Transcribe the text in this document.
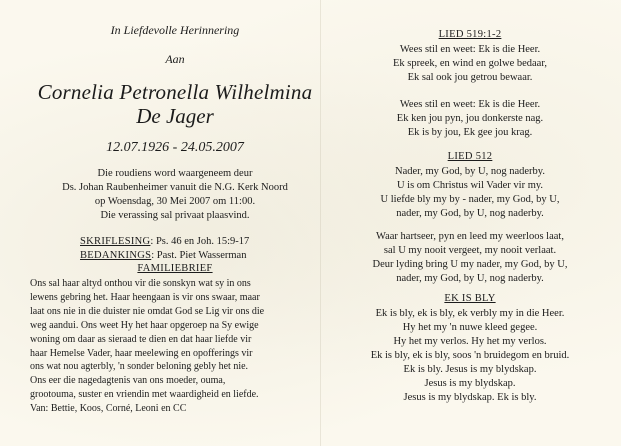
In Liefdevolle Herinnering
Aan
Cornelia Petronella Wilhelmina
De Jager
12.07.1926 - 24.05.2007
Die roudiens word waargeneem deur
Ds. Johan Raubenheimer vanuit die N.G. Kerk Noord
op Woensdag, 30 Mei 2007 om 11:00.
Die verassing sal privaat plaasvind.
SKRIFLESING: Ps. 46 en Joh. 15:9-17
BEDANKINGS: Past. Piet Wasserman
FAMILIEBRIEF
Ons sal haar altyd onthou vir die sonskyn wat sy in ons
lewens gebring het. Haar heengaan is vir ons swaar, maar
laat ons nie in die duister nie omdat God se Lig vir ons die
weg aandui. Ons weet Hy het haar opgeroep na Sy ewige
woning om daar as sieraad te dien en dat haar liefde vir
haar Hemelse Vader, haar meelewing en opofferings vir
ons wat nou agterbly, 'n sonder beloning gebly het nie.
Ons eer die nagedagtenis van ons moeder, ouma,
grootouma, suster en vriendin met waardigheid en liefde.
Van: Bettie, Koos, Corné, Leoni en CC
LIED 519:1-2
Wees stil en weet: Ek is die Heer.
Ek spreek, en wind en golwe bedaar,
Ek sal ook jou getrou bewaar.
Wees stil en weet: Ek is die Heer.
Ek ken jou pyn, jou donkerste nag.
Ek is by jou, Ek gee jou krag.
LIED 512
Nader, my God, by U, nog naderby.
U is om Christus wil Vader vir my.
U liefde bly my by - nader, my God, by U,
nader, my God, by U, nog naderby.
Waar hartseer, pyn en leed my weerloos laat,
sal U my nooit vergeet, my nooit verlaat.
Deur lyding bring U my nader, my God, by U,
nader, my God, by U, nog naderby.
EK IS BLY
Ek is bly, ek is bly, ek verbly my in die Heer.
Hy het my 'n nuwe kleed gegee.
Hy het my verlos. Hy het my verlos.
Ek is bly, ek is bly, soos 'n bruidegom en bruid.
Ek is bly. Jesus is my blydskap.
Jesus is my blydskap.
Jesus is my blydskap. Ek is bly.
